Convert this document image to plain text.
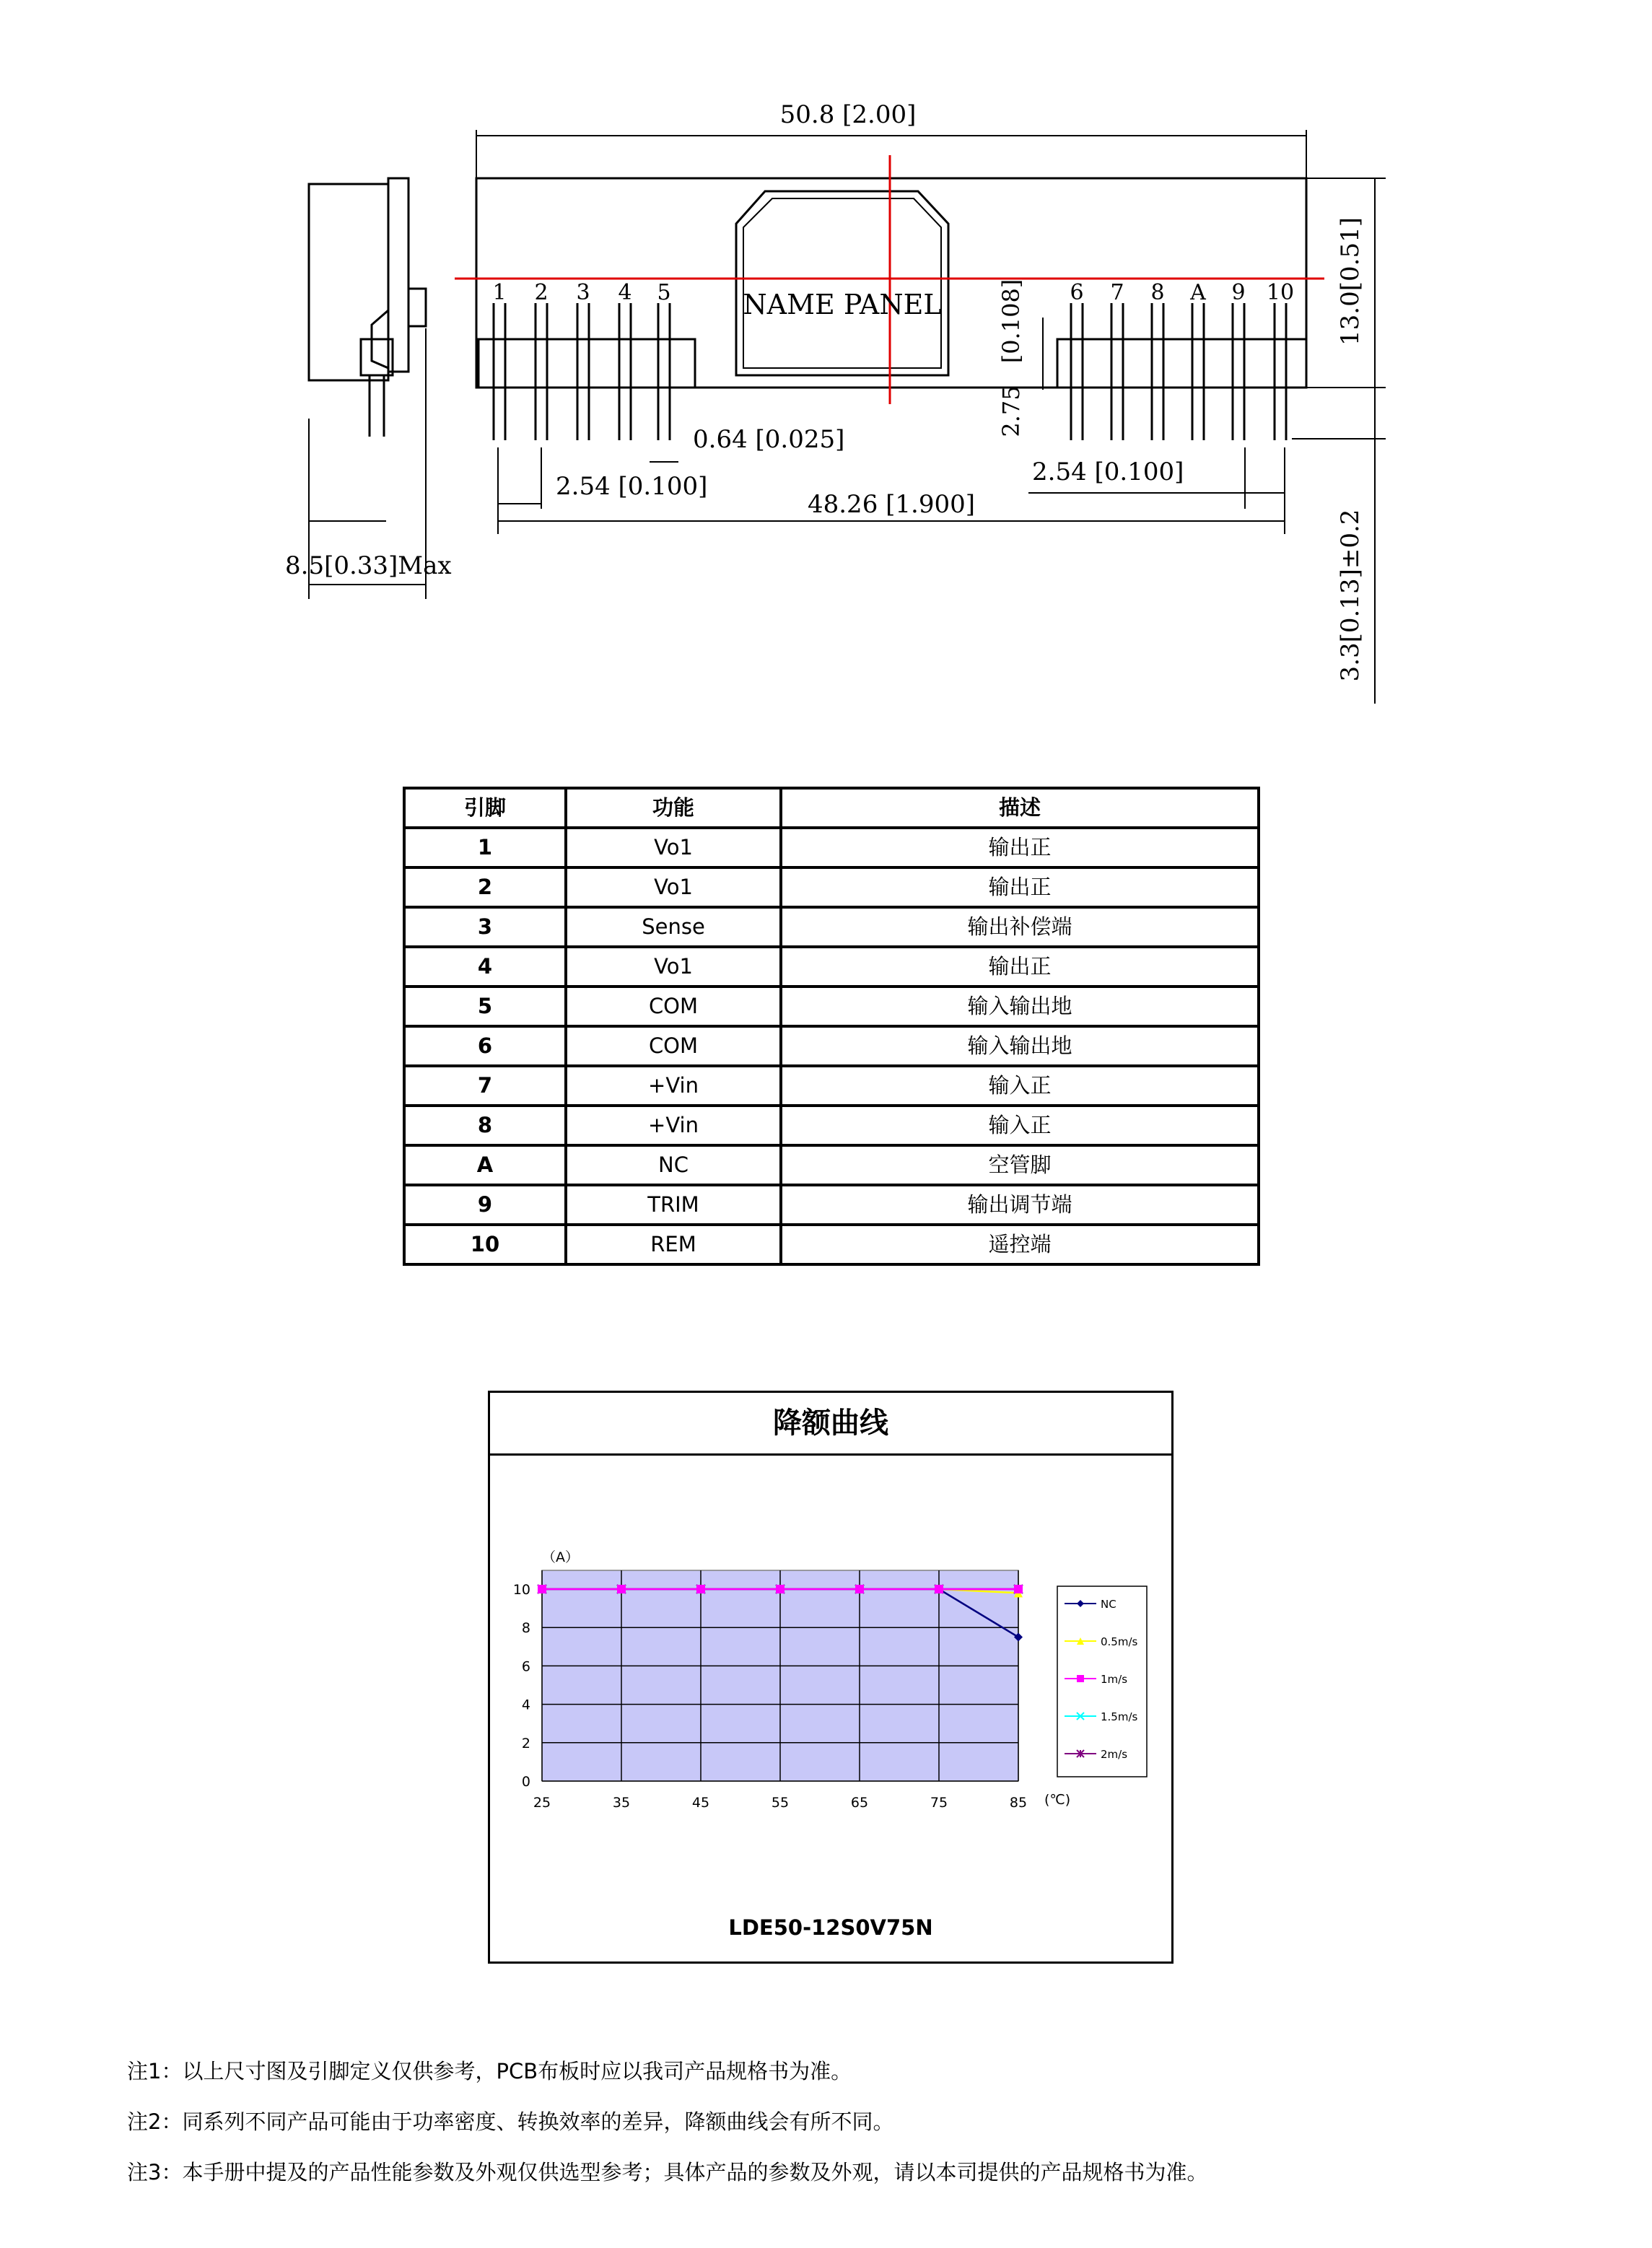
50.8 [2.00]
NAME PANEL
1 2 3 4 5	6 7 8 A 9 10
0.64 [0.025]
2.54 [0.100]	2.54 [0.100]
48.26 [1.900]
8.5[0.33]Max
2.75
[0.108]	13.0[0.51]
3.3[0.13]±0.2
引脚	功能	描述
1	Vo1	输出正
2	Vo1	输出正
3	Sense	输出补偿端
4	Vo1	输出正
5	COM	输入输出地
6	COM	输入输出地
7	+Vin	输入正
8	+Vin	输入正
A	NC	空管脚
9	TRIM	输出调节端
10	REM	遥控端
降额曲线
0
2
4
6
8
10
25	35	45	55	65	75	85
（A）
(℃)
NC
0.5m/s
1m/s
1.5m/s
2m/s
LDE50-12S0V75N
注1：以上尺寸图及引脚定义仅供参考，PCB布板时应以我司产品规格书为准。
注2：同系列不同产品可能由于功率密度、转换效率的差异，降额曲线会有所不同。
注3：本手册中提及的产品性能参数及外观仅供选型参考；具体产品的参数及外观，请以本司提供的产品规格书为准。
